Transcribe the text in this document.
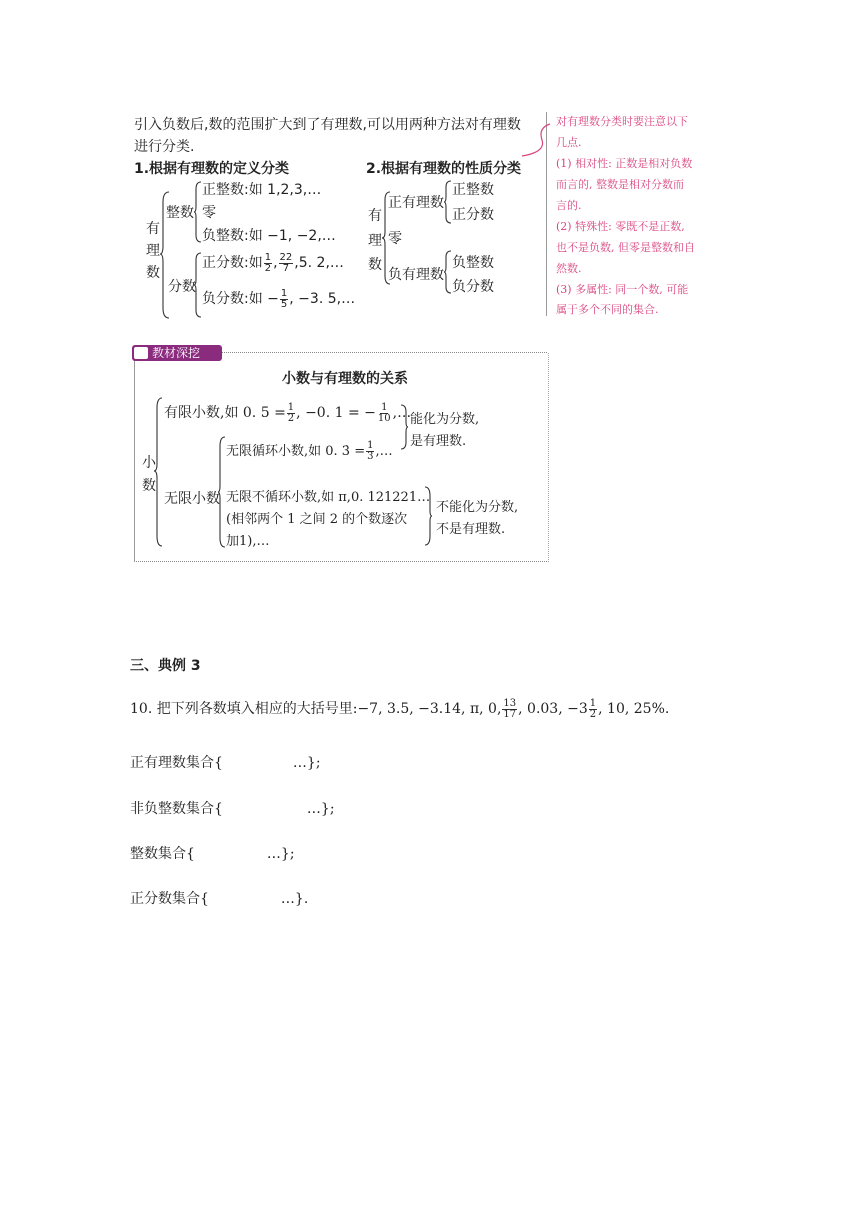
引入负数后,数的范围扩大到了有理数,可以用两种方法对有理数
进行分类.
1.根据有理数的定义分类
有
理
数
整数
正整数:如 1,2,3,…
零
负整数:如 −1, −2,…
分数
正分数:如 $\frac{1}{2}$ , $\frac{22}{7} ,5$. 2,…
负分数:如 − $\frac{1}{5}$ , −3. 5,…
2.根据有理数的性质分类
有
理
数
正有理数
零
负有理数
正整数
正分数
负整数
负分数
对有理数分类时要注意以下
几点.
(1) 相对性: 正数是相对负数
而言的, 整数是相对分数而
言的.
(2) 特殊性: 零既不是正数,
也不是负数, 但零是整数和自
然数.
(3) 多属性: 同一个数, 可能
属于多个不同的集合.
教材深挖
小数与有理数的关系
小
数
有限小数,如 0. $5 = \frac{1}{2}$ , −0. 1 = − $\frac{1}{10}$ ,…
无限小数
无限循环小数,如 0. 3̇ = $\frac{1}{3}$ ,…
能化为分数,
是有理数.
无限不循环小数,如 π,0. 121221…
(相邻两个 1 之间 2 的个数逐次
加1),…
不能化为分数,
不是有理数.
三、典例 3
10. 把下列各数填入相应的大括号里:−7, 3.5, −3.14, π, 0, $\frac{13}{17}$ , 0.03, $-3 \frac{1}{2}$ , 10, 25%.
正有理数集合{	…};
非负整数集合{	…};
整数集合{	…};
正分数集合{	…}.
